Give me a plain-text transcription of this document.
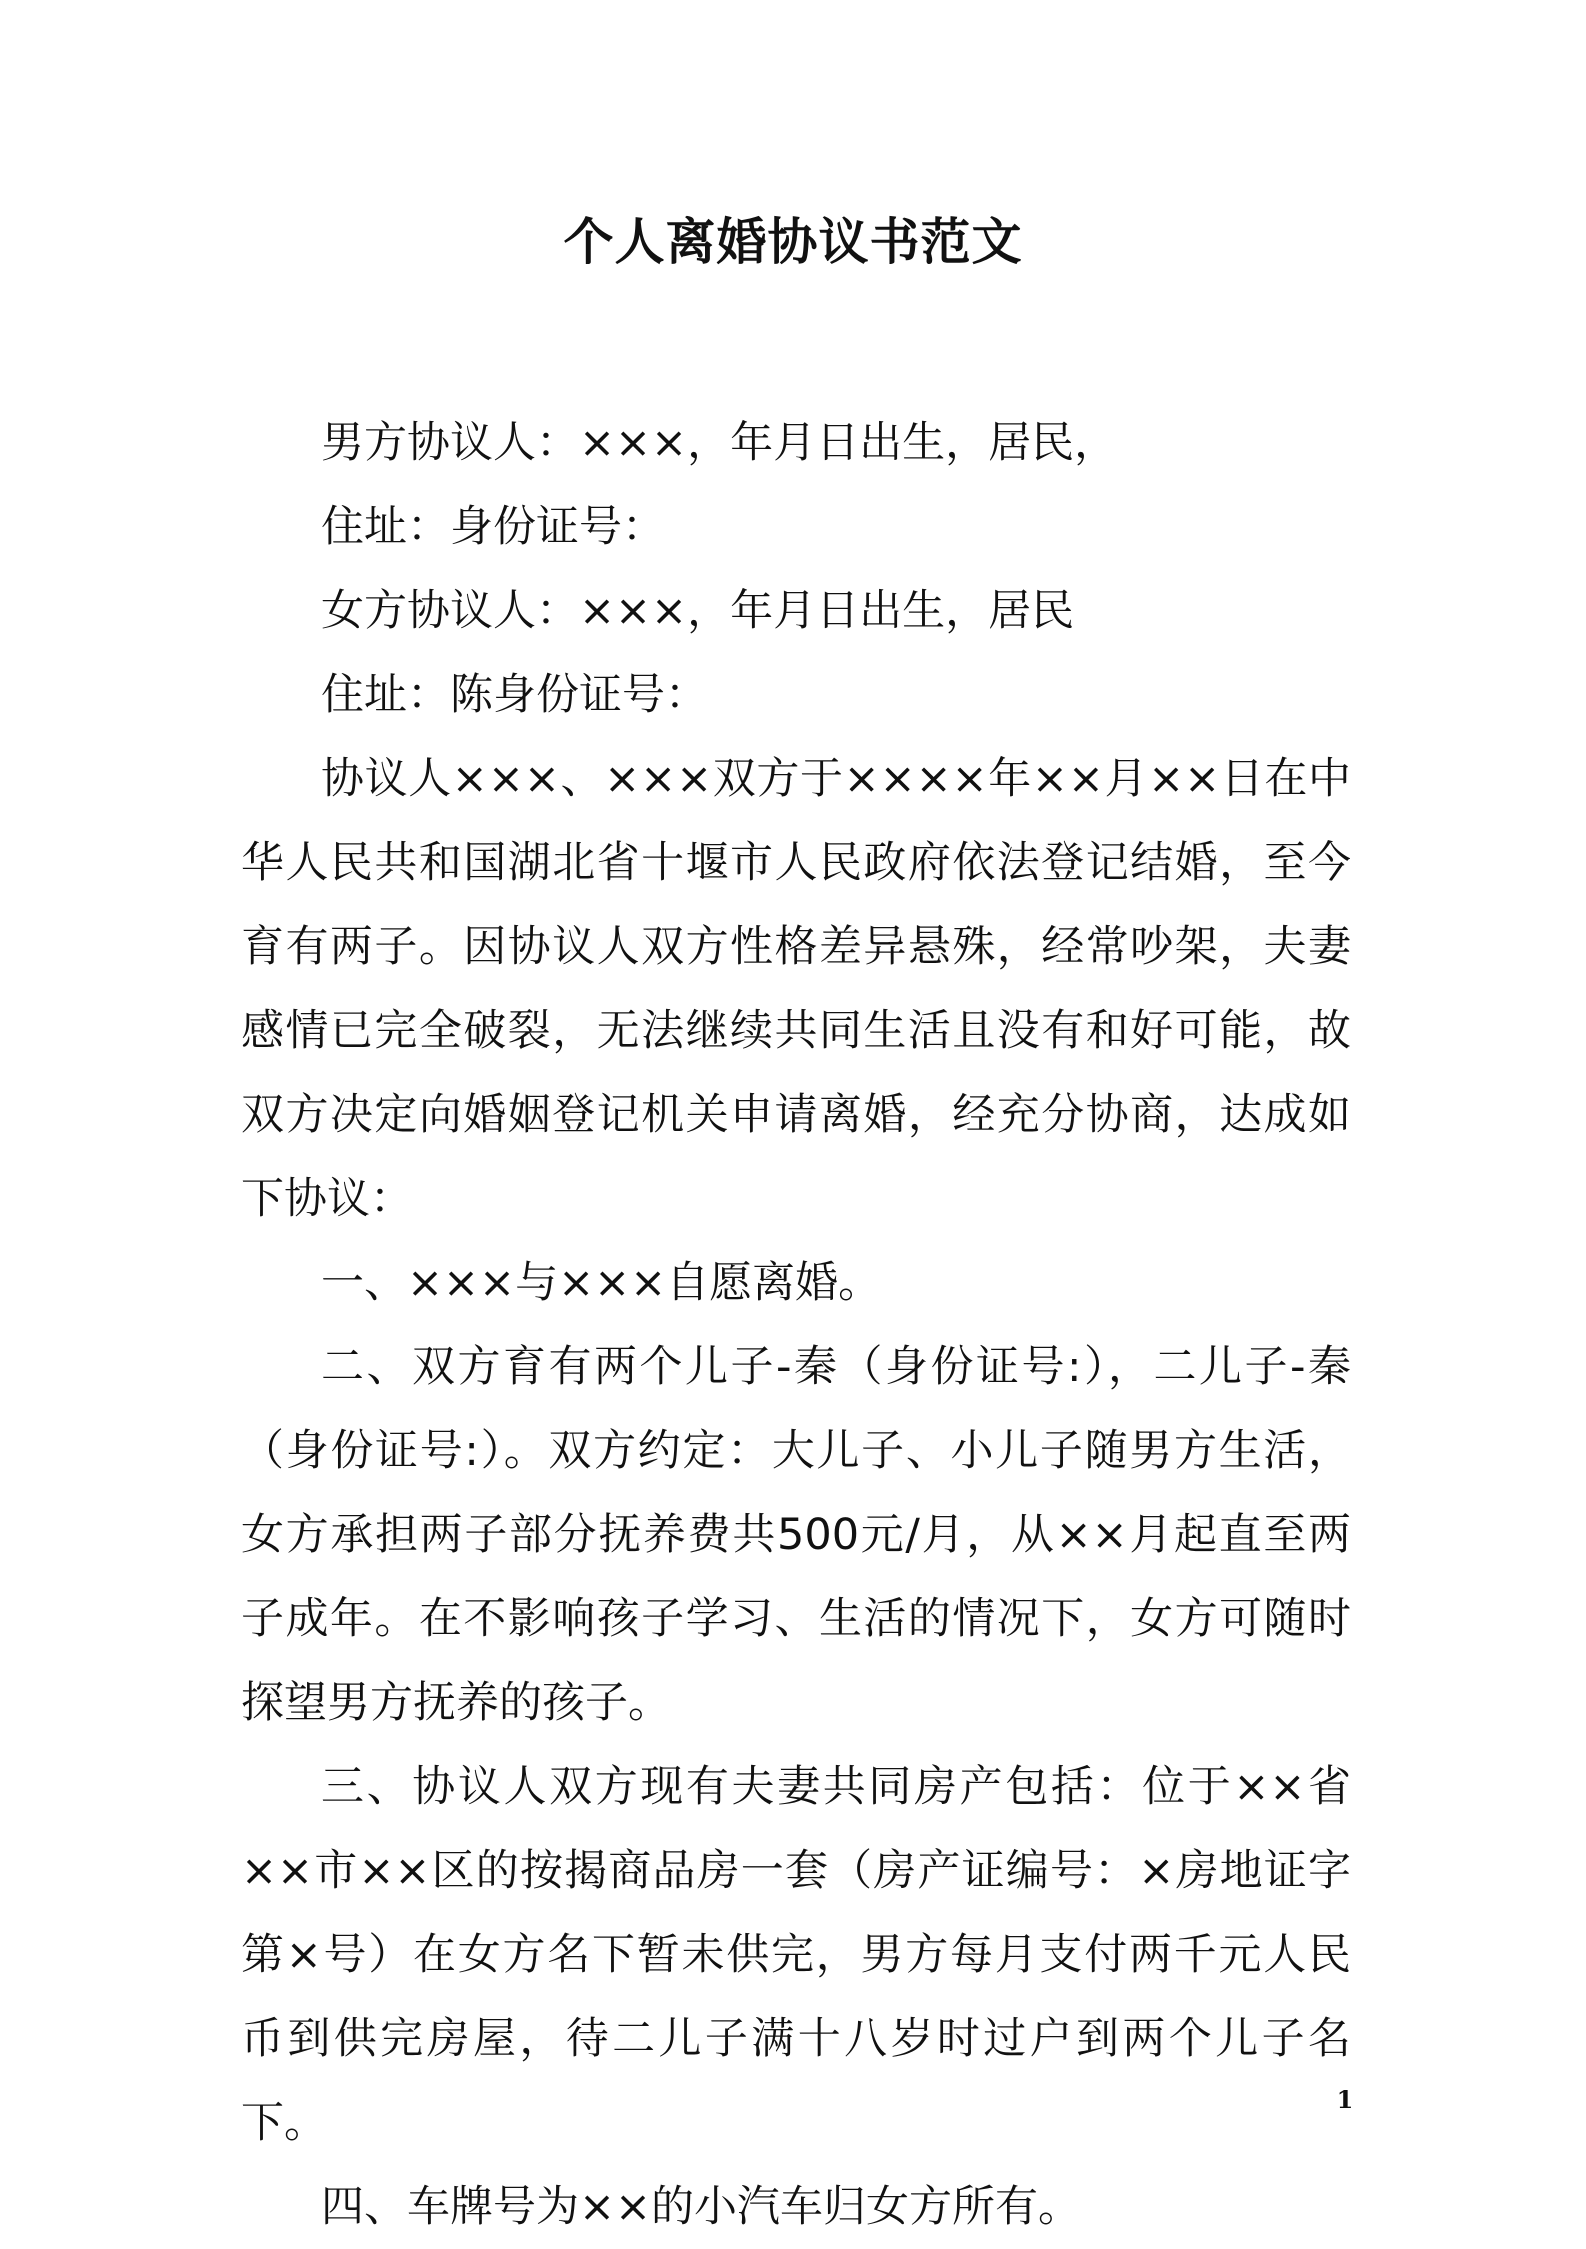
个人离婚协议书范文

男方协议人：×××，年月日出生，居民，

住址：身份证号：

女方协议人：×××，年月日出生，居民

住址：陈身份证号：

协议人×××、×××双方于××××年××月××日在中华人民共和国湖北省十堰市人民政府依法登记结婚，至今育有两子。因协议人双方性格差异悬殊，经常吵架，夫妻感情已完全破裂，无法继续共同生活且没有和好可能，故双方决定向婚姻登记机关申请离婚，经充分协商，达成如下协议：

一、×××与×××自愿离婚。

二、双方育有两个儿子-秦（身份证号:），二儿子-秦（身份证号:）。双方约定：大儿子、小儿子随男方生活，女方承担两子部分抚养费共500元/月，从××月起直至两子成年。在不影响孩子学习、生活的情况下，女方可随时探望男方抚养的孩子。

三、协议人双方现有夫妻共同房产包括：位于××省××市××区的按揭商品房一套（房产证编号：×房地证字第×号）在女方名下暂未供完，男方每月支付两千元人民币到供完房屋，待二儿子满十八岁时过户到两个儿子名下。

四、车牌号为××的小汽车归女方所有。

1
